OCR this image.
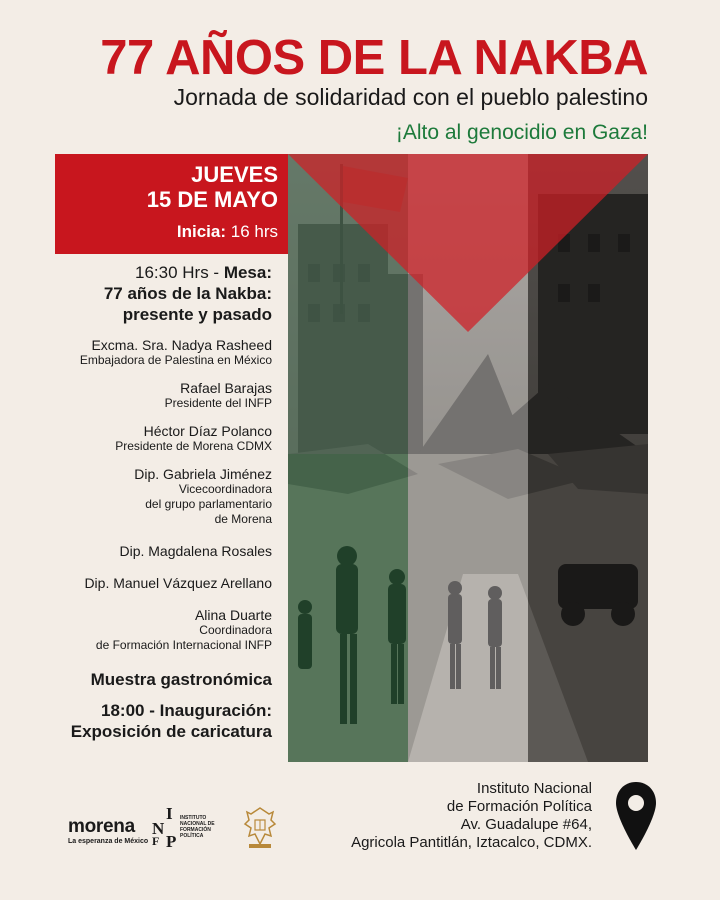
77 AÑOS DE LA NAKBA
Jornada de solidaridad con el pueblo palestino
¡Alto al genocidio en Gaza!
JUEVES
15 DE MAYO
Inicia: 16 hrs
16:30 Hrs - Mesa:
77 años de la Nakba:
presente y pasado
Excma. Sra. Nadya Rasheed
Embajadora de Palestina en México
Rafael Barajas
Presidente del INFP
Héctor Díaz Polanco
Presidente de Morena CDMX
Dip. Gabriela Jiménez
Vicecoordinadora
del grupo parlamentario
de Morena
Dip. Magdalena Rosales
Dip. Manuel Vázquez Arellano
Alina Duarte
Coordinadora
de Formación Internacional INFP
Muestra gastronómica
18:00 - Inauguración:
Exposición de caricatura
Instituto Nacional
de Formación Política
Av. Guadalupe #64,
Agricola Pantitlán, Iztacalco, CDMX.
morena
La esperanza de México
I
N
P
F
INSTITUTO
NACIONAL DE
FORMACIÓN
POLÍTICA
